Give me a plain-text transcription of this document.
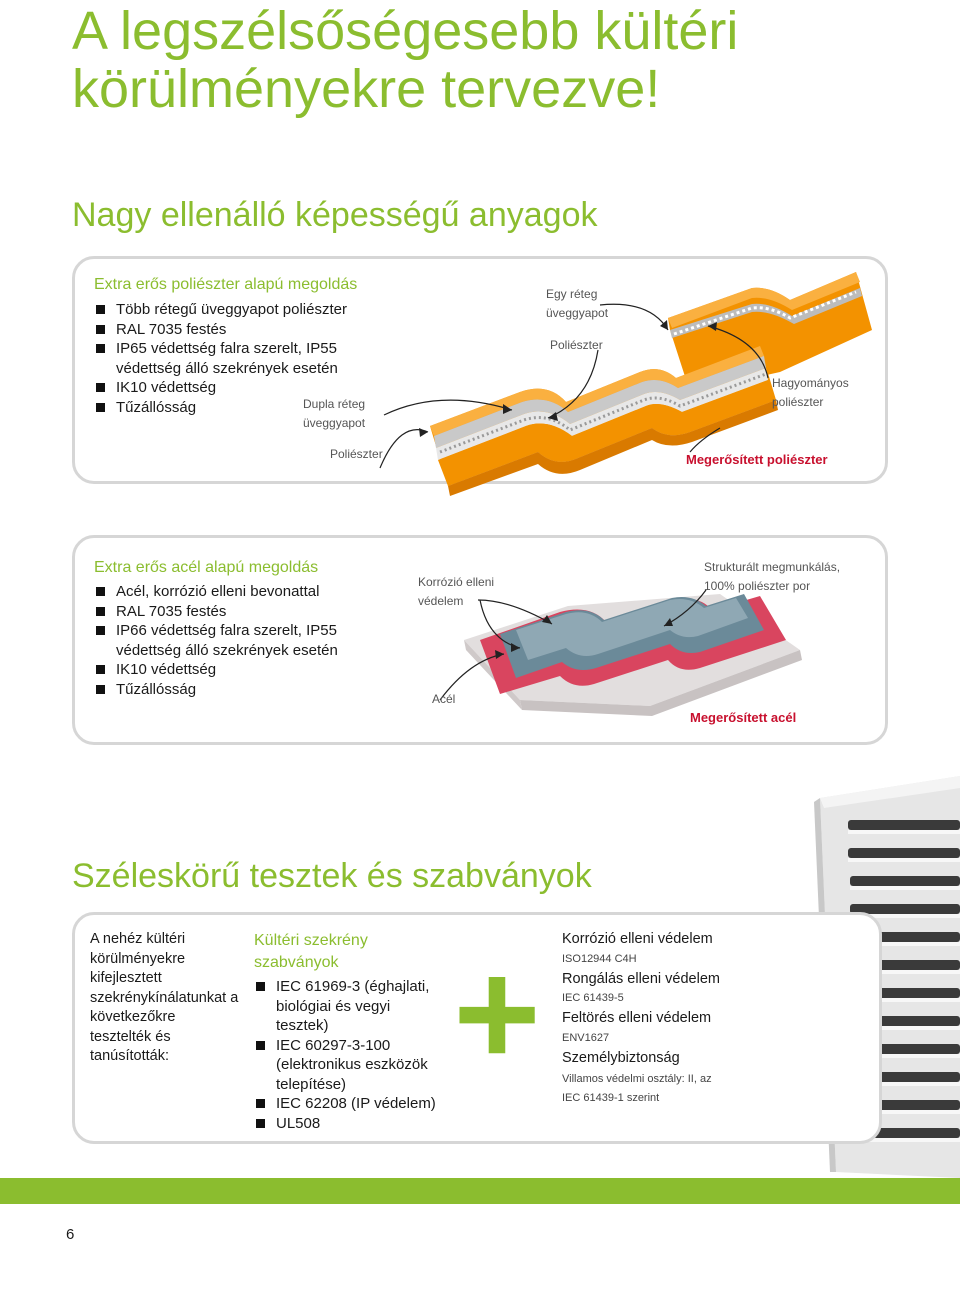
A legszélsőségesebb kültéri körülményekre tervezve!
Nagy ellenálló képességű anyagok
Extra erős poliészter alapú megoldás
Több rétegű üveggyapot poliészter
RAL 7035 festés
IP65 védettség falra szerelt, IP55 védettség álló szekrények esetén
IK10 védettség
Tűzállósság	Dupla réteg üveggyapot
Poliészter
Egy réteg üveggyapot
Poliészter
Hagyományos poliészter
Megerősített poliészter
Extra erős acél alapú megoldás
Acél, korrózió elleni bevonattal
RAL 7035 festés
IP66 védettség falra szerelt, IP55 védettség álló szekrények esetén
IK10 védettség
Tűzállósság
Korrózió elleni védelem
Acél
Strukturált megmunkálás, 100% poliészter por
Megerősített acél
Széleskörű tesztek és szabványok
A nehéz kültéri körülményekre kifejlesztett szekrénykínálatunkat a következőkre tesztelték és tanúsították:
Kültéri szekrény szabványok
IEC 61969-3 (éghajlati, biológiai és vegyi tesztek)
IEC 60297-3-100 (elektronikus eszközök telepítése)
IEC 62208 (IP védelem)
UL508
+ Korrózió elleni védelem
ISO12944 C4H
Rongálás elleni védelem
IEC 61439-5
Feltörés elleni védelem
ENV1627
Személybiztonság
Villamos védelmi osztály: II, az IEC 61439-1 szerint
6
